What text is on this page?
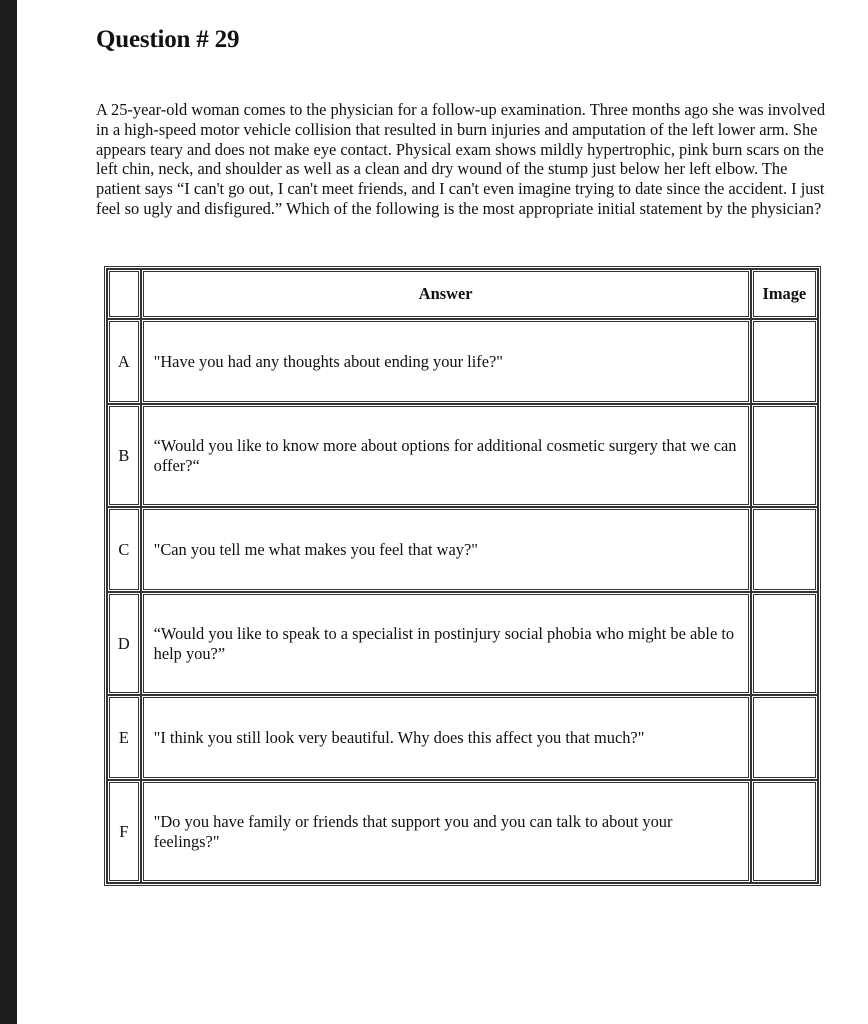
Question # 29

A 25-year-old woman comes to the physician for a follow-up examination. Three months ago she was involved in a high-speed motor vehicle collision that resulted in burn injuries and amputation of the left lower arm. She appears teary and does not make eye contact. Physical exam shows mildly hypertrophic, pink burn scars on the left chin, neck, and shoulder as well as a clean and dry wound of the stump just below her left elbow. The patient says “I can't go out, I can't meet friends, and I can't even imagine trying to date since the accident. I just feel so ugly and disfigured.” Which of the following is the most appropriate initial statement by the physician?

	Answer	Image
A	"Have you had any thoughts about ending your life?"	
B	“Would you like to know more about options for additional cosmetic surgery that we can offer?“	
C	"Can you tell me what makes you feel that way?"	
D	“Would you like to speak to a specialist in postinjury social phobia who might be able to help you?”	
E	"I think you still look very beautiful. Why does this affect you that much?"	
F	"Do you have family or friends that support you and you can talk to about your feelings?"	
